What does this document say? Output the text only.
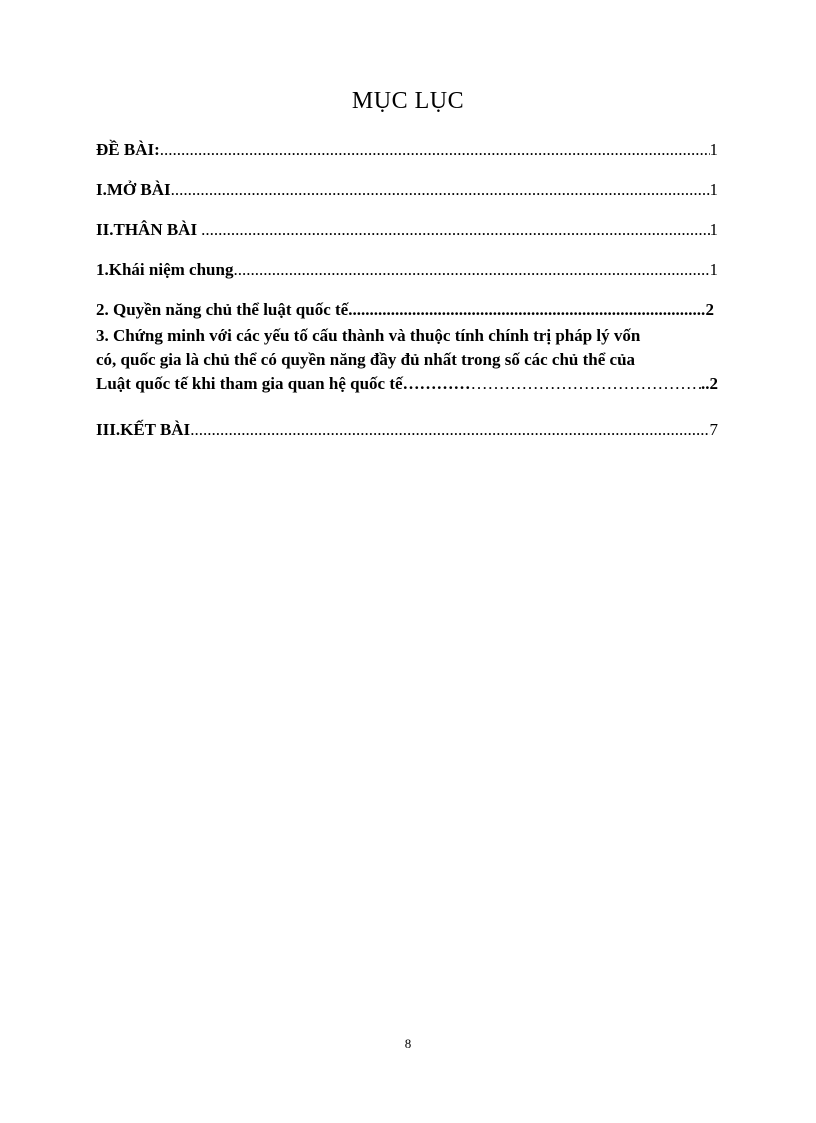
MỤC LỤC
ĐỀ BÀI: .....	1
I.MỞ BÀI .....	1
II.THÂN BÀI .....	1
1.Khái niệm chung .....	1
2. Quyền năng chủ thể luật quốc tế .....	2
3. Chứng minh với các yếu tố cấu thành và thuộc tính chính trị pháp lý vốn
có, quốc gia là chủ thể có quyền năng đầy đủ nhất trong số các chủ thể của
Luật quốc tế khi tham gia quan hệ quốc tế………… ……………………………………………………………………………………………………………………	..2
III.KẾT BÀI .....	7
8
